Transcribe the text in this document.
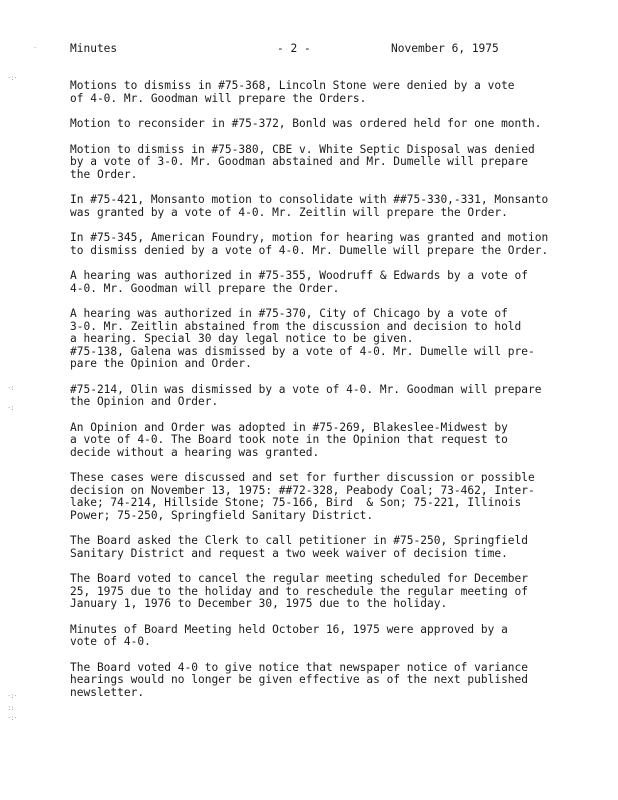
·
·:·
·:
·:
·:·
::
·:·
Minutes	- 2 -	November 6, 1975
Motions to dismiss in #75-368, Lincoln Stone were denied by a vote
of 4-0. Mr. Goodman will prepare the Orders.
Motion to reconsider in #75-372, Bonld was ordered held for one month.
Motion to dismiss in #75-380, CBE v. White Septic Disposal was denied
by a vote of 3-0. Mr. Goodman abstained and Mr. Dumelle will prepare
the Order.
In #75-421, Monsanto motion to consolidate with ##75-330,-331, Monsanto
was granted by a vote of 4-0. Mr. Zeitlin will prepare the Order.
In #75-345, American Foundry, motion for hearing was granted and motion
to dismiss denied by a vote of 4-0. Mr. Dumelle will prepare the Order.
A hearing was authorized in #75-355, Woodruff & Edwards by a vote of
4-0. Mr. Goodman will prepare the Order.
A hearing was authorized in #75-370, City of Chicago by a vote of
3-0. Mr. Zeitlin abstained from the discussion and decision to hold
a hearing. Special 30 day legal notice to be given.
#75-138, Galena was dismissed by a vote of 4-0. Mr. Dumelle will pre-
pare the Opinion and Order.
#75-214, Olin was dismissed by a vote of 4-0. Mr. Goodman will prepare
the Opinion and Order.
An Opinion and Order was adopted in #75-269, Blakeslee-Midwest by
a vote of 4-0. The Board took note in the Opinion that request to
decide without a hearing was granted.
These cases were discussed and set for further discussion or possible
decision on November 13, 1975: ##72-328, Peabody Coal; 73-462, Inter-
lake; 74-214, Hillside Stone; 75-166, Bird  & Son; 75-221, Illinois
Power; 75-250, Springfield Sanitary District.
The Board asked the Clerk to call petitioner in #75-250, Springfield
Sanitary District and request a two week waiver of decision time.
The Board voted to cancel the regular meeting scheduled for December
25, 1975 due to the holiday and to reschedule the regular meeting of
January 1, 1976 to December 30, 1975 due to the holiday.
Minutes of Board Meeting held October 16, 1975 were approved by a
vote of 4-0.
The Board voted 4-0 to give notice that newspaper notice of variance
hearings would no longer be given effective as of the next published
newsletter.
